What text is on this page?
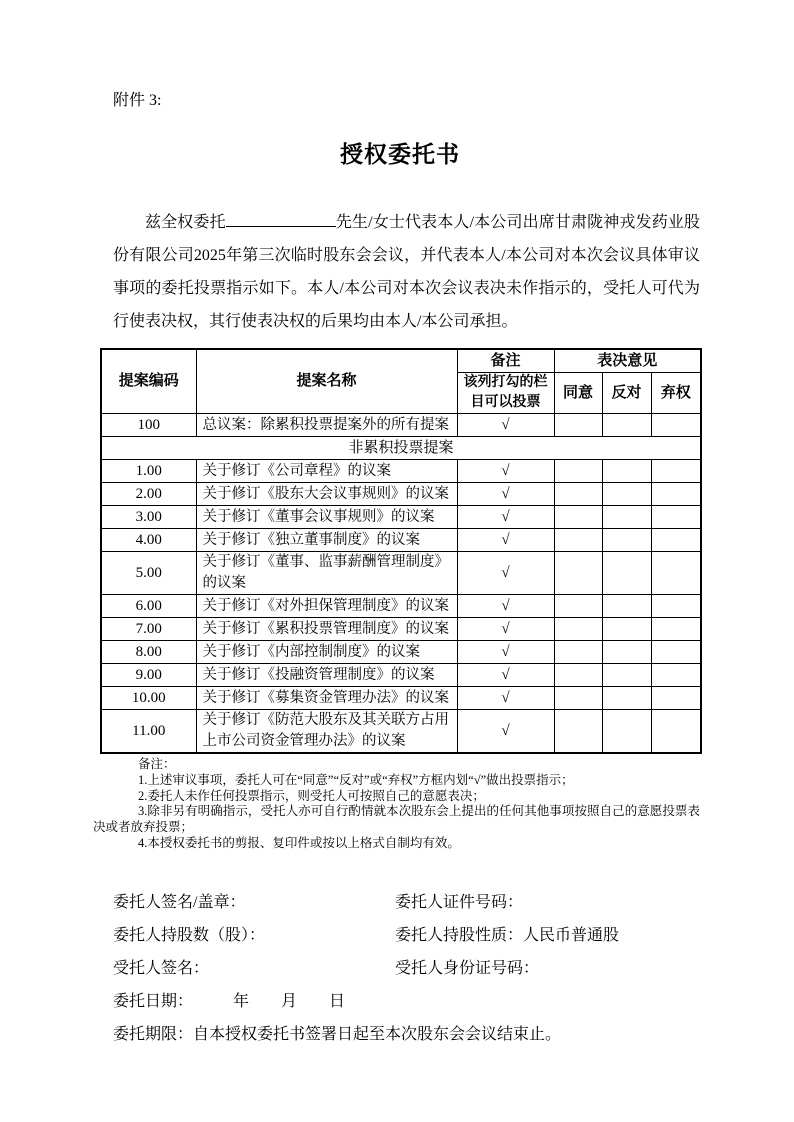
附件 3:
授权委托书

兹全权委托	先生/女士代表本人/本公司出席甘肃陇神戎发药业股份有限公司2025年第三次临时股东会会议，并代表本人/本公司对本次会议具体审议事项的委托投票指示如下。本人/本公司对本次会议表决未作指示的，受托人可代为行使表决权，其行使表决权的后果均由本人/本公司承担。

提案编码	提案名称	备注	表决意见		
		该列打勾的栏目可以投票	同意	反对	弃权
100	总议案：除累积投票提案外的所有提案	√			
非累积投票提案					
1.00	关于修订《公司章程》的议案	√			
2.00	关于修订《股东大会议事规则》的议案	√			
3.00	关于修订《董事会议事规则》的议案	√			
4.00	关于修订《独立董事制度》的议案	√			
5.00	关于修订《董事、监事薪酬管理制度》的议案	√			
6.00	关于修订《对外担保管理制度》的议案	√			
7.00	关于修订《累积投票管理制度》的议案	√			
8.00	关于修订《内部控制制度》的议案	√			
9.00	关于修订《投融资管理制度》的议案	√			
10.00	关于修订《募集资金管理办法》的议案	√			
11.00	关于修订《防范大股东及其关联方占用上市公司资金管理办法》的议案	√			

备注：

1.上述审议事项，委托人可在“同意”“反对”或“弃权”方框内划“√”做出投票指示；

2.委托人未作任何投票指示，则受托人可按照自己的意愿表决；

3.除非另有明确指示，受托人亦可自行酌情就本次股东会上提出的任何其他事项按照自己的意愿投票表决或者放弃投票；

4.本授权委托书的剪报、复印件或按以上格式自制均有效。

委托人签名/盖章：	委托人证件号码：
委托人持股数（股）：	委托人持股性质：人民币普通股
受托人签名：	受托人身份证号码：
委托日期：　　　年　　月　　日
委托期限：自本授权委托书签署日起至本次股东会会议结束止。
